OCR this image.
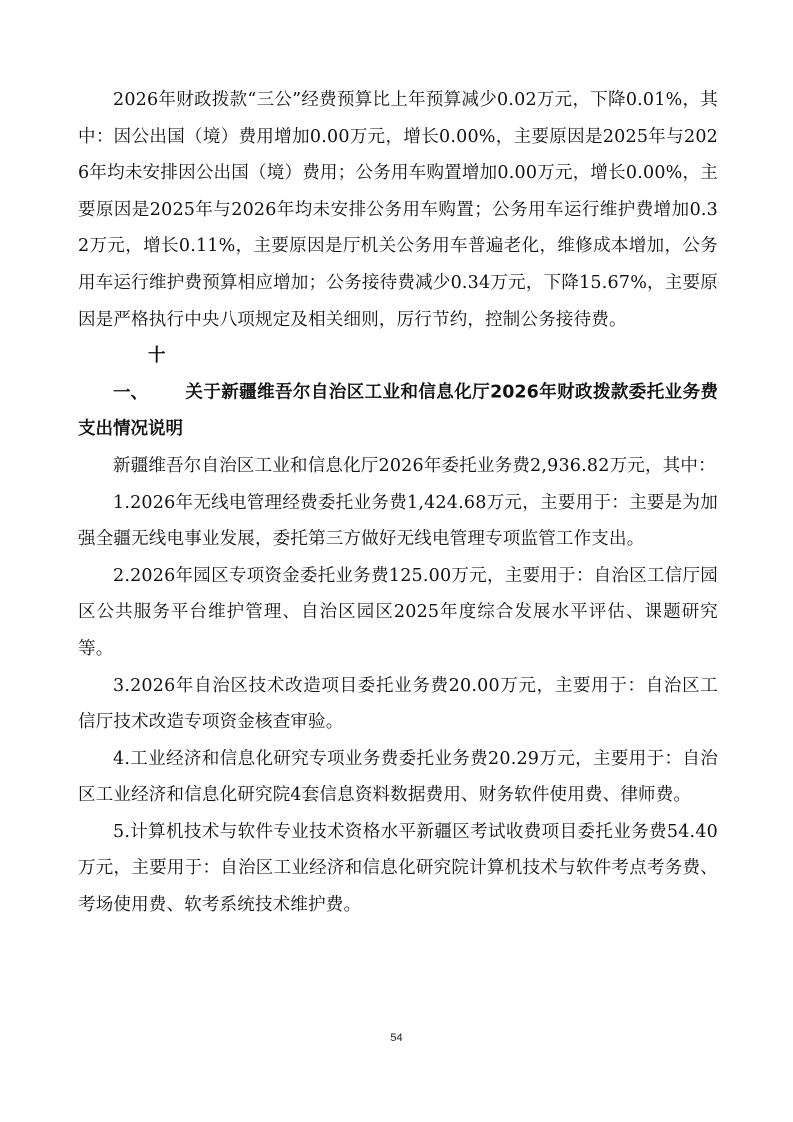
2026年财政拨款“三公”经费预算比上年预算减少0.02万元，下降0.01%，其中：因公出国（境）费用增加0.00万元，增长0.00%，主要原因是2025年与2026年均未安排因公出国（境）费用；公务用车购置增加0.00万元，增长0.00%，主要原因是2025年与2026年均未安排公务用车购置；公务用车运行维护费增加0.32万元，增长0.11%，主要原因是厅机关公务用车普遍老化，维修成本增加，公务用车运行维护费预算相应增加；公务接待费减少0.34万元，下降15.67%，主要原因是严格执行中央八项规定及相关细则，厉行节约，控制公务接待费。

十一、 关于新疆维吾尔自治区工业和信息化厅2026年财政拨款委托业务费支出情况说明

新疆维吾尔自治区工业和信息化厅2026年委托业务费2,936.82万元，其中：

1.2026年无线电管理经费委托业务费1,424.68万元，主要用于：主要是为加强全疆无线电事业发展，委托第三方做好无线电管理专项监管工作支出。

2.2026年园区专项资金委托业务费125.00万元，主要用于：自治区工信厅园区公共服务平台维护管理、自治区园区2025年度综合发展水平评估、课题研究等。

3.2026年自治区技术改造项目委托业务费20.00万元，主要用于：自治区工信厅技术改造专项资金核查审验。

4.工业经济和信息化研究专项业务费委托业务费20.29万元，主要用于：自治区工业经济和信息化研究院4套信息资料数据费用、财务软件使用费、律师费。

5.计算机技术与软件专业技术资格水平新疆区考试收费项目委托业务费54.40万元，主要用于：自治区工业经济和信息化研究院计算机技术与软件考点考务费、考场使用费、软考系统技术维护费。

54
